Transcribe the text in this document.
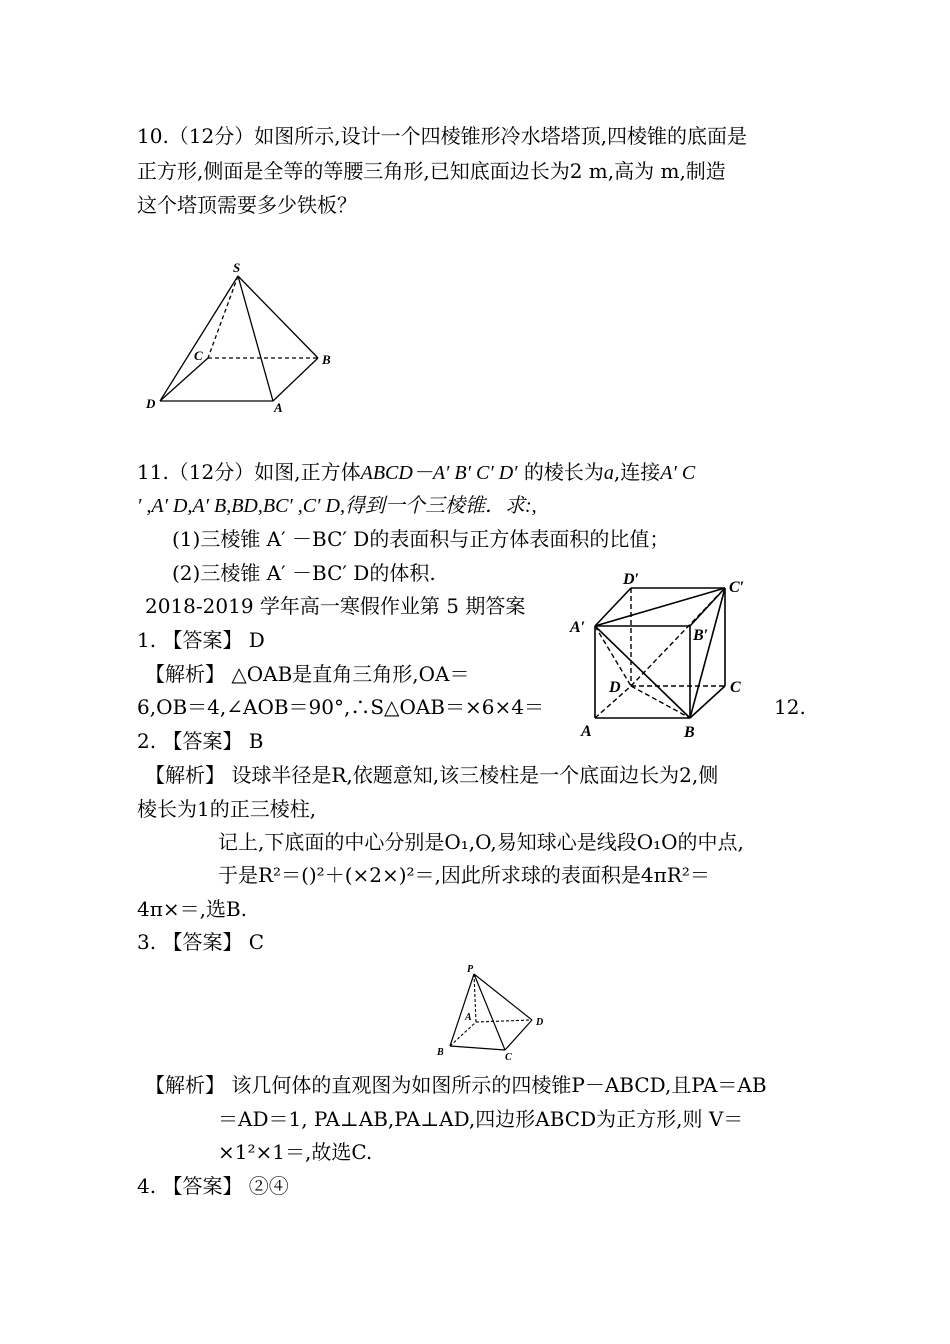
10.（12分）如图所示,设计一个四棱锥形冷水塔塔顶,四棱锥的底面是
正方形,侧面是全等的等腰三角形,已知底面边长为2 m,高为 m,制造
这个塔顶需要多少铁板？
S
C	B
D	A
11.（12分）如图,正方体ABCD－A′ B′ C′ D′ 的棱长为a,连接A′ C
′ ,A′ D,A′ B,BD,BC′ ,C′ D,得到一个三棱锥．求:,
(1)三棱锥 A′ －BC′ D的表面积与正方体表面积的比值；
(2)三棱锥 A′ －BC′ D的体积.	D′	C′
A′	B′
D	C
A	B
2018-2019 学年高一寒假作业第 5 期答案
1. 【答案】 D
【解析】 △OAB是直角三角形,OA＝
6,OB＝4,∠AOB＝90°,∴S△OAB＝×6×4＝	12.
2. 【答案】 B
【解析】 设球半径是R,依题意知,该三棱柱是一个底面边长为2,侧
棱长为1的正三棱柱,
记上,下底面的中心分别是O₁,O,易知球心是线段O₁O的中点,
于是R²＝()²＋(×2×)²＝,因此所求球的表面积是4πR²＝
4π×＝,选B.
3. 【答案】 C
P
A	D
B	C
【解析】 该几何体的直观图为如图所示的四棱锥P－ABCD,且PA＝AB
＝AD＝1, PA⊥AB,PA⊥AD,四边形ABCD为正方形,则 V＝
×1²×1＝,故选C.
4. 【答案】 ②④
